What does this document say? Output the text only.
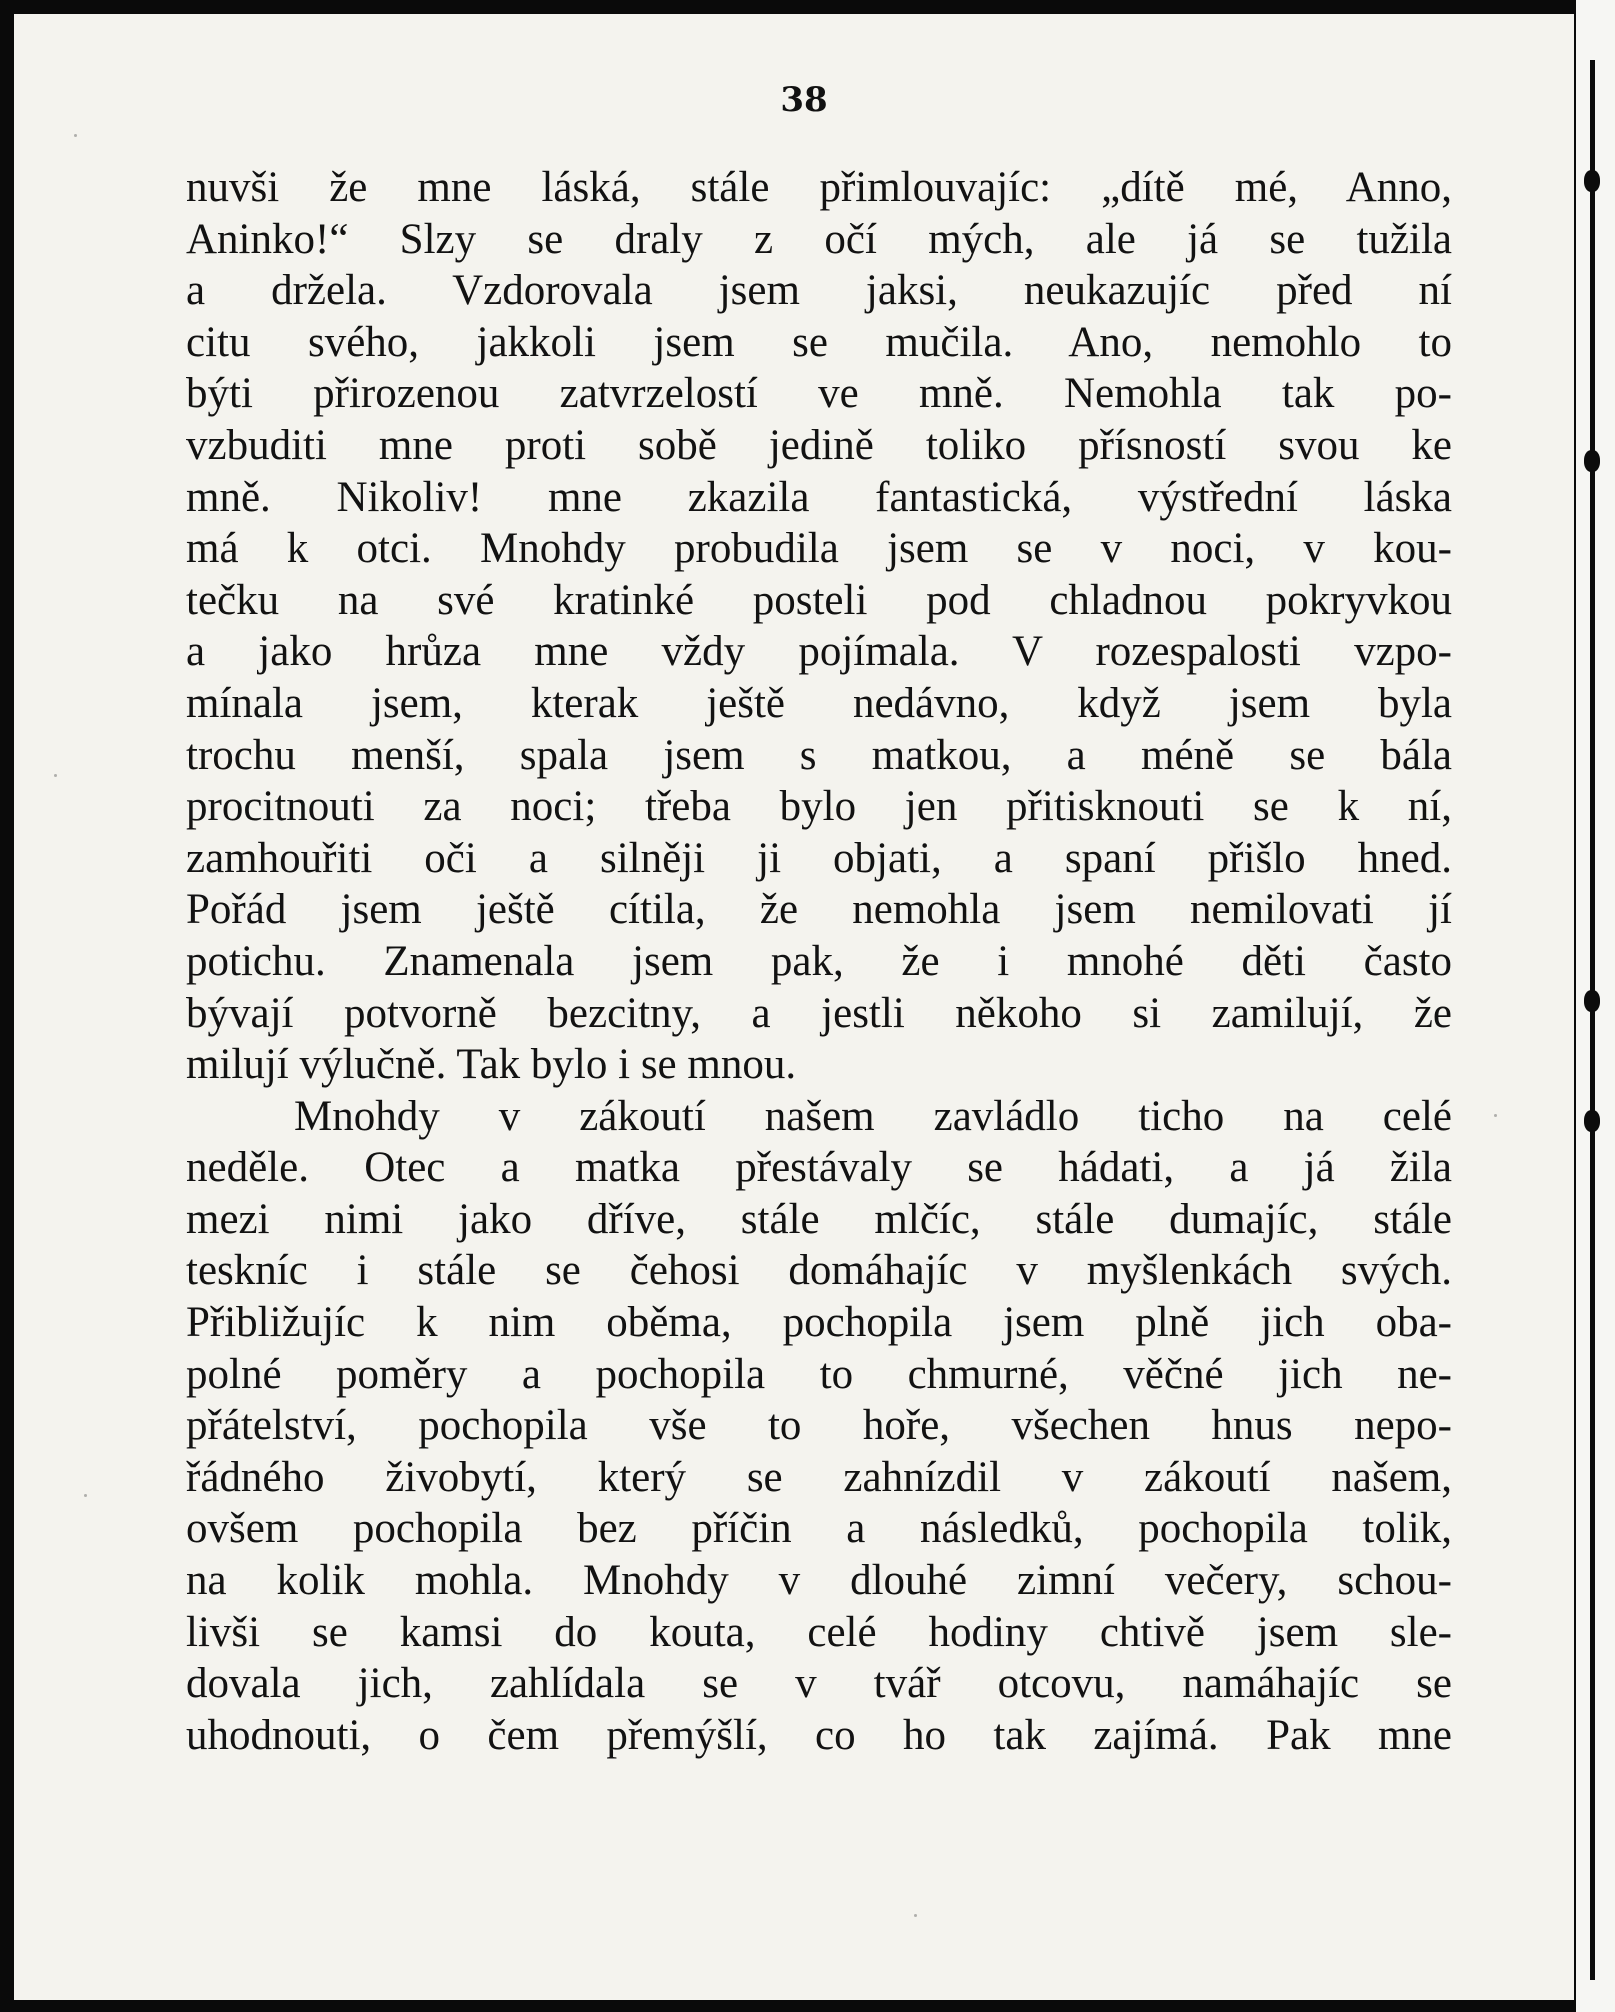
38
nuvši že mne láská, stále přimlouvajíc: „dítě mé, Anno,
Aninko!“ Slzy se draly z očí mých, ale já se tužila
a držela. Vzdorovala jsem jaksi, neukazujíc před ní
citu svého, jakkoli jsem se mučila. Ano, nemohlo to
býti přirozenou zatvrzelostí ve mně. Nemohla tak po-
vzbuditi mne proti sobě jedině toliko přísností svou ke
mně. Nikoliv! mne zkazila fantastická, výstřední láska
má k otci. Mnohdy probudila jsem se v noci, v kou-
tečku na své kratinké posteli pod chladnou pokryvkou
a jako hrůza mne vždy pojímala. V rozespalosti vzpo-
mínala jsem, kterak ještě nedávno, když jsem byla
trochu menší, spala jsem s matkou, a méně se bála
procitnouti za noci; třeba bylo jen přitisknouti se k ní,
zamhouřiti oči a silněji ji objati, a spaní přišlo hned.
Pořád jsem ještě cítila, že nemohla jsem nemilovati jí
potichu. Znamenala jsem pak, že i mnohé děti často
bývají potvorně bezcitny, a jestli někoho si zamilují, že
milují výlučně. Tak bylo i se mnou.
Mnohdy v zákoutí našem zavládlo ticho na celé
neděle. Otec a matka přestávaly se hádati, a já žila
mezi nimi jako dříve, stále mlčíc, stále dumajíc, stále
teskníc i stále se čehosi domáhajíc v myšlenkách svých.
Přibližujíc k nim oběma, pochopila jsem plně jich oba-
polné poměry a pochopila to chmurné, věčné jich ne-
přátelství, pochopila vše to hoře, všechen hnus nepo-
řádného živobytí, který se zahnízdil v zákoutí našem,
ovšem pochopila bez příčin a následků, pochopila tolik,
na kolik mohla. Mnohdy v dlouhé zimní večery, schou-
livši se kamsi do kouta, celé hodiny chtivě jsem sle-
dovala jich, zahlídala se v tvář otcovu, namáhajíc se
uhodnouti, o čem přemýšlí, co ho tak zajímá. Pak mne
